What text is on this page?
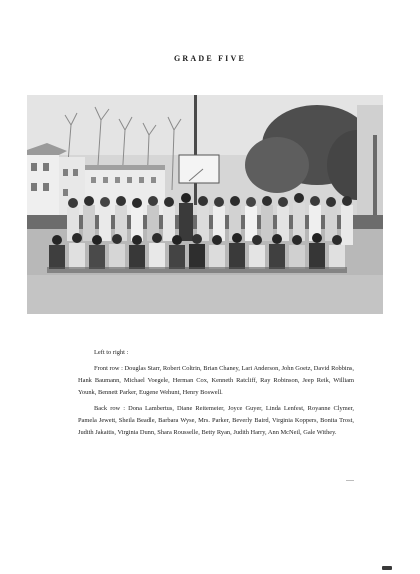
GRADE FIVE

Left to right :

Front row : Douglas Starr, Robert Coltrin, Brian Chaney, Lari Anderson, John Goetz, David Robbins, Hank Baumann, Michael Voegele, Herman Cox, Kenneth Ratcliff, Ray Robinson, Jeep Reik, William Younk, Bennett Parker, Eugene Wehunt, Henry Boswell.

Back row : Dona Lambertus, Diane Reitemeier, Joyce Guyer, Linda Lenfest, Royanne Clymer, Pamela Jewett, Sheila Beadle, Barbara Wyse, Mrs. Parker, Beverly Baird, Virginia Koppers, Bonita Trost, Judith Jakaitis, Virginia Dunn, Shara Rousselle, Betty Ryan, Judith Harry, Ann McNeil, Gale Withey.
